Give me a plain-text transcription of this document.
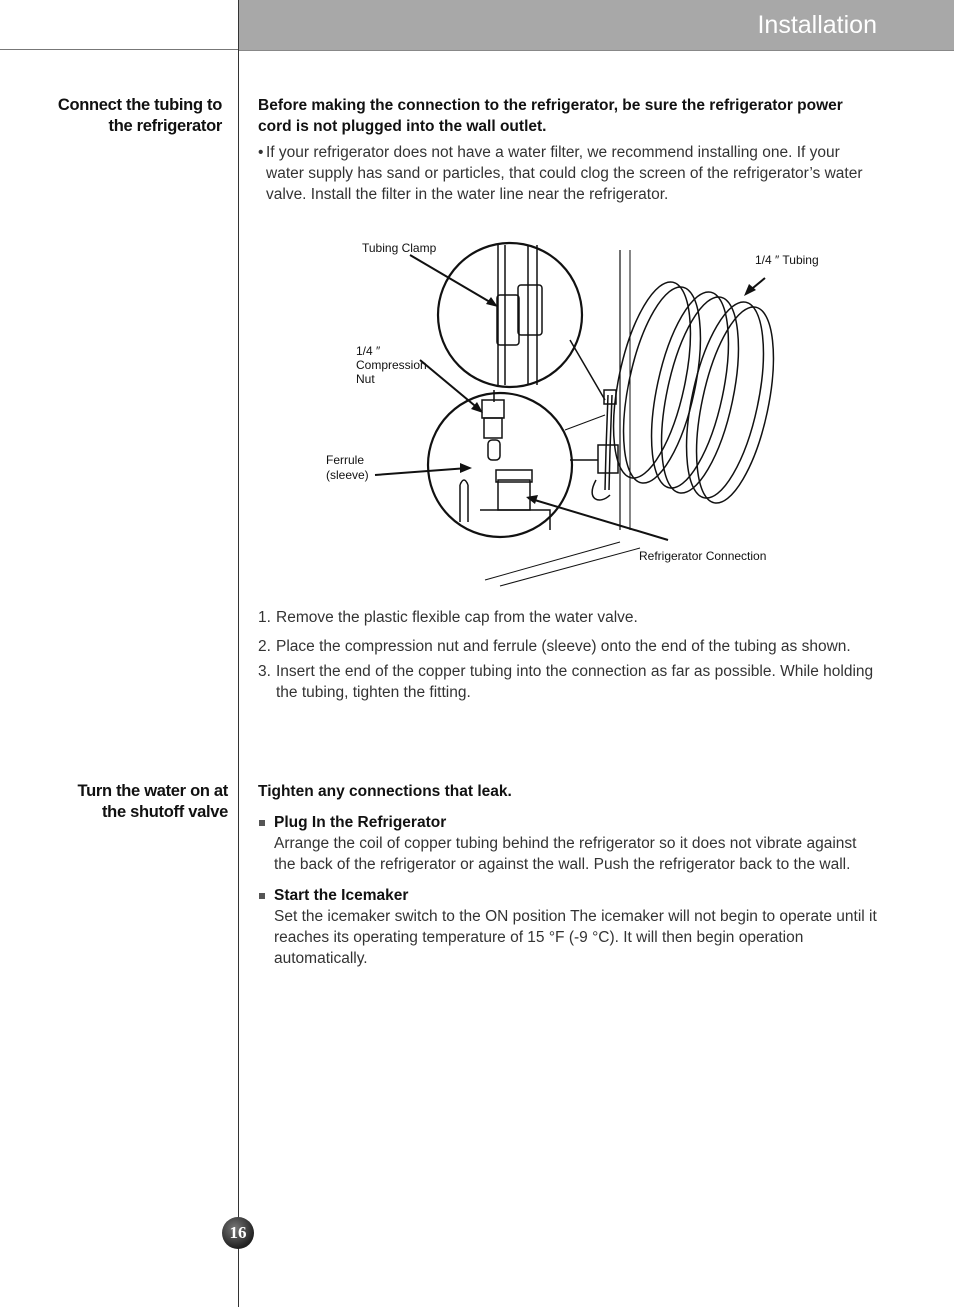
Installation
Connect the tubing to
the refrigerator
Before making the connection to the refrigerator, be sure the refrigerator power cord is not plugged into the wall outlet.
• If your refrigerator does not have a water filter, we recommend installing one. If your water supply has sand or particles, that could clog the screen of the refrigerator’s water valve. Install the filter in the water line near the refrigerator.
Tubing Clamp
1/4 ″ Tubing
1/4 ″
Compression
Nut
Ferrule
(sleeve)
Refrigerator Connection
1. Remove the plastic flexible cap from the water valve.
2. Place the compression nut and ferrule (sleeve) onto the end of the tubing as shown.
3. Insert the end of the copper tubing into the connection as far as possible. While holding the tubing, tighten the fitting.
Turn the water on at
the shutoff valve
Tighten any connections that leak.
Plug In the Refrigerator
Arrange the coil of copper tubing behind the refrigerator so it does not vibrate against the back of the refrigerator or against the wall. Push the refrigerator back to the wall.
Start the Icemaker
Set the icemaker switch to the ON position The icemaker will not begin to operate until it reaches its operating temperature of 15 °F (-9 °C). It will then begin operation automatically.
16
